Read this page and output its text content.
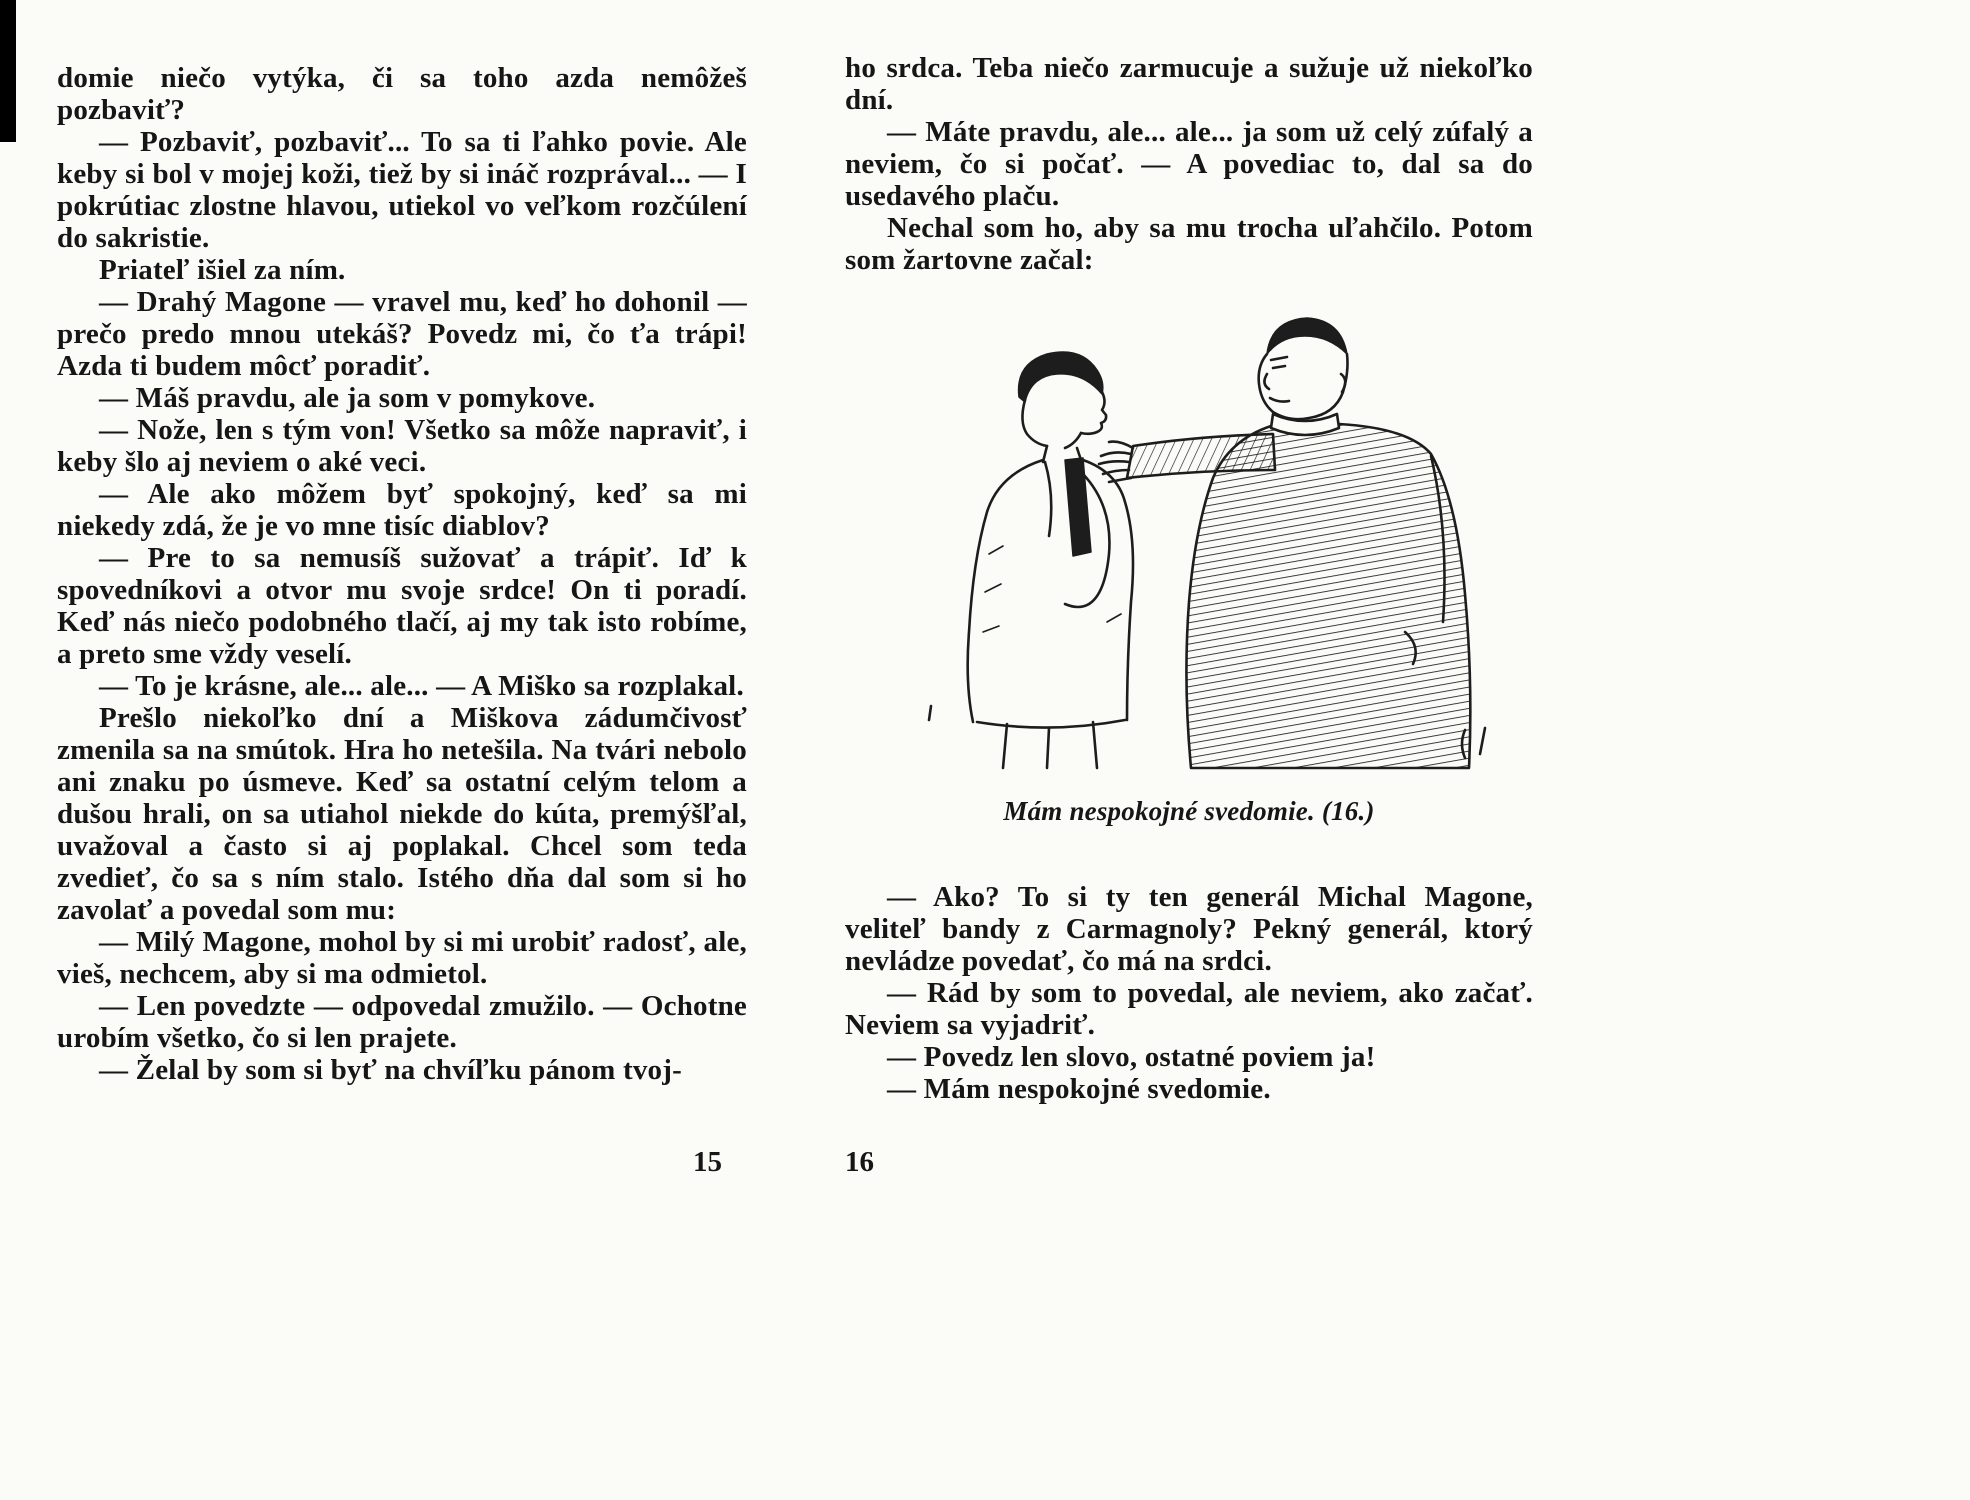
domie niečo vytýka, či sa toho azda nemôžeš pozbaviť?

— Pozbaviť, pozbaviť... To sa ti ľahko povie. Ale keby si bol v mojej koži, tiež by si ináč rozprával... — I pokrútiac zlostne hlavou, utiekol vo veľkom rozčúlení do sakristie.

Priateľ išiel za ním.

— Drahý Magone — vravel mu, keď ho dohonil — prečo predo mnou utekáš? Povedz mi, čo ťa trápi! Azda ti budem môcť poradiť.

— Máš pravdu, ale ja som v pomykove.

— Nože, len s tým von! Všetko sa môže napraviť, i keby šlo aj neviem o aké veci.

— Ale ako môžem byť spokojný, keď sa mi niekedy zdá, že je vo mne tisíc diablov?

— Pre to sa nemusíš sužovať a trápiť. Iď k spovedníkovi a otvor mu svoje srdce! On ti poradí. Keď nás niečo podobného tlačí, aj my tak isto robíme, a preto sme vždy veselí.

— To je krásne, ale... ale... — A Miško sa rozplakal.

Prešlo niekoľko dní a Miškova zádumčivosť zmenila sa na smútok. Hra ho netešila. Na tvári nebolo ani znaku po úsmeve. Keď sa ostatní celým telom a dušou hrali, on sa utiahol niekde do kúta, premýšľal, uvažoval a často si aj poplakal. Chcel som teda zvedieť, čo sa s ním stalo. Istého dňa dal som si ho zavolať a povedal som mu:

— Milý Magone, mohol by si mi urobiť radosť, ale, vieš, nechcem, aby si ma odmietol.

— Len povedzte — odpovedal zmužilo. — Ochotne urobím všetko, čo si len prajete.

— Želal by som si byť na chvíľku pánom tvoj-

15

ho srdca. Teba niečo zarmucuje a sužuje už niekoľko dní.

— Máte pravdu, ale... ale... ja som už celý zúfalý a neviem, čo si počať. — A povediac to, dal sa do usedavého plaču.

Nechal som ho, aby sa mu trocha uľahčilo. Potom som žartovne začal:

Mám nespokojné svedomie. (16.)

— Ako? To si ty ten generál Michal Magone, veliteľ bandy z Carmagnoly? Pekný generál, ktorý nevládze povedať, čo má na srdci.

— Rád by som to povedal, ale neviem, ako začať. Neviem sa vyjadriť.

— Povedz len slovo, ostatné poviem ja!

— Mám nespokojné svedomie.

16
